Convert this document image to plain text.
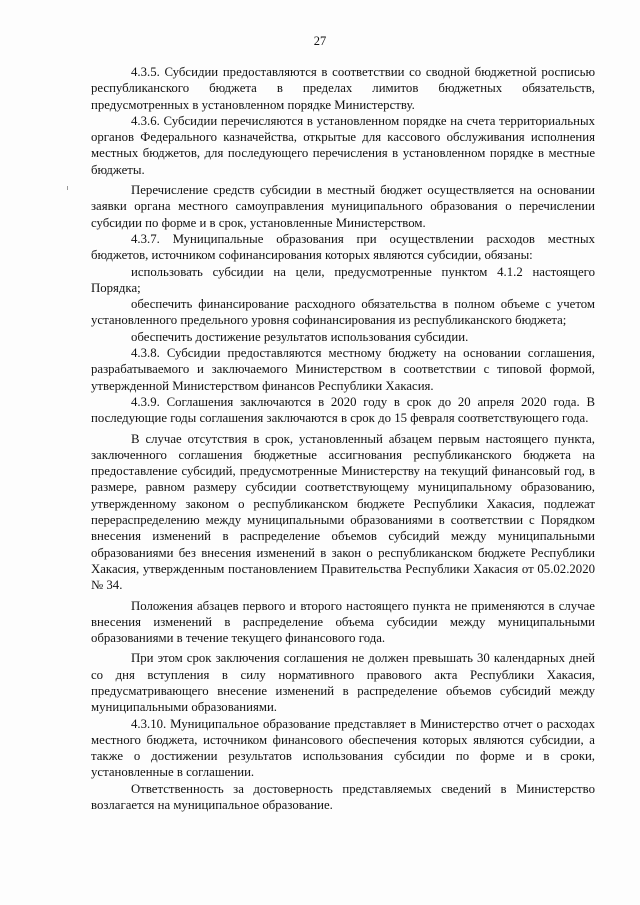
27

4.3.5. Субсидии предоставляются в соответствии со сводной бюджетной росписью республиканского бюджета в пределах лимитов бюджетных обязательств, предусмотренных в установленном порядке Министерству.

4.3.6. Субсидии перечисляются в установленном порядке на счета территориальных органов Федерального казначейства, открытые для кассового обслуживания исполнения местных бюджетов, для последующего перечисления в установленном порядке в местные бюджеты.

Перечисление средств субсидии в местный бюджет осуществляется на основании заявки органа местного самоуправления муниципального образования о перечислении субсидии по форме и в срок, установленные Министерством.

4.3.7. Муниципальные образования при осуществлении расходов местных бюджетов, источником софинансирования которых являются субсидии, обязаны:

использовать субсидии на цели, предусмотренные пунктом 4.1.2 настоящего Порядка;

обеспечить финансирование расходного обязательства в полном объеме с учетом установленного предельного уровня софинансирования из республиканского бюджета;

обеспечить достижение результатов использования субсидии.

4.3.8. Субсидии предоставляются местному бюджету на основании соглашения, разрабатываемого и заключаемого Министерством в соответствии с типовой формой, утвержденной Министерством финансов Республики Хакасия.

4.3.9. Соглашения заключаются в 2020 году в срок до 20 апреля 2020 года. В последующие годы соглашения заключаются в срок до 15 февраля соответствующего года.

В случае отсутствия в срок, установленный абзацем первым настоящего пункта, заключенного соглашения бюджетные ассигнования республиканского бюджета на предоставление субсидий, предусмотренные Министерству на текущий финансовый год, в размере, равном размеру субсидии соответствующему муниципальному образованию, утвержденному законом о республиканском бюджете Республики Хакасия, подлежат перераспределению между муниципальными образованиями в соответствии с Порядком внесения изменений в распределение объемов субсидий между муниципальными образованиями без внесения изменений в закон о республиканском бюджете Республики Хакасия, утвержденным постановлением Правительства Республики Хакасия от 05.02.2020 № 34.

Положения абзацев первого и второго настоящего пункта не применяются в случае внесения изменений в распределение объема субсидии между муниципальными образованиями в течение текущего финансового года.

При этом срок заключения соглашения не должен превышать 30 календарных дней со дня вступления в силу нормативного правового акта Республики Хакасия, предусматривающего внесение изменений в распределение объемов субсидий между муниципальными образованиями.

4.3.10. Муниципальное образование представляет в Министерство отчет о расходах местного бюджета, источником финансового обеспечения которых являются субсидии, а также о достижении результатов использования субсидии по форме и в сроки, установленные в соглашении.

Ответственность за достоверность представляемых сведений в Министерство возлагается на муниципальное образование.
